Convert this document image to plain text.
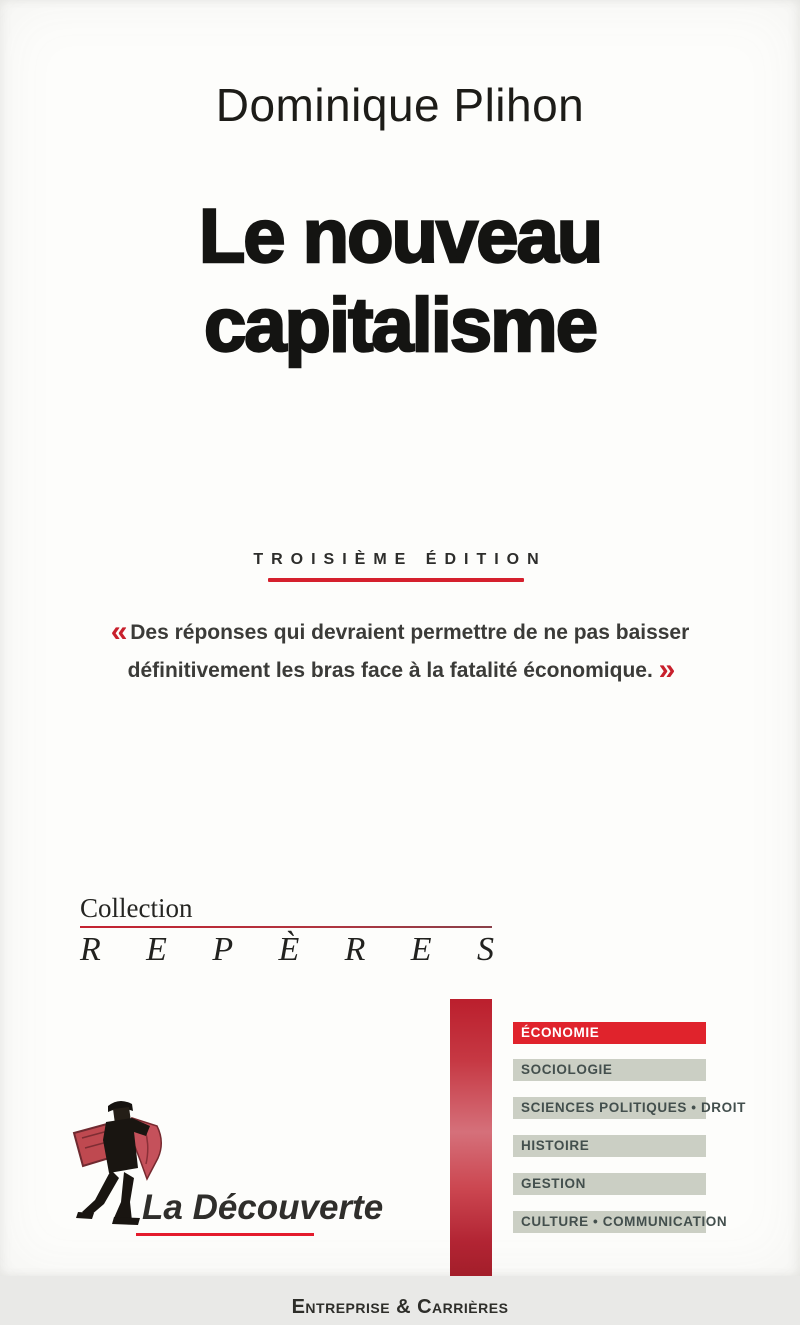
Dominique Plihon
Le nouveau
capitalisme
TROISIÈME ÉDITION
« Des réponses qui devraient permettre de ne pas baisser
définitivement les bras face à la fatalité économique. »
Entreprise & Carrières
Collection
R E P È R E S
ÉCONOMIE
SOCIOLOGIE
SCIENCES POLITIQUES • DROIT
HISTOIRE
GESTION
CULTURE • COMMUNICATION
La Découverte
